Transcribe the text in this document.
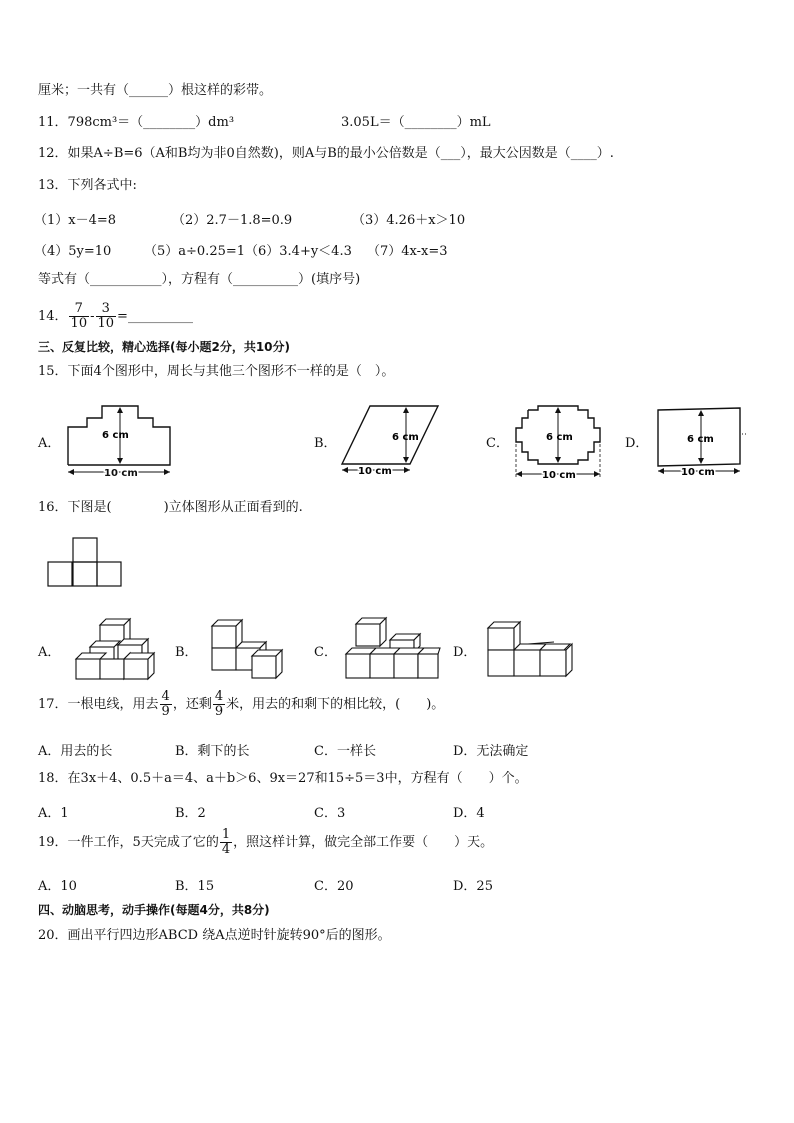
厘米；一共有（______）根这样的彩带。
11．798cm³＝（________）dm³	3.05L＝（________）mL
12．如果A÷B=6（A和B均为非0自然数)，则A与B的最小公倍数是（___），最大公因数是（____）.
13．下列各式中:
（1）x－4=8	（2）2.7－1.8=0.9	（3）4.26＋x＞10
（4）5y=10	（5）a÷0.25=1 （6）3.4+y＜4.3 （7）4x-x=3
等式有（___________），方程有（__________）(填序号)
14． $\frac{7}{10} - \frac{3}{10}$ =__________
三、反复比较，精心选择(每小题2分，共10分)
15．下面4个图形中，周长与其他三个图形不一样的是（　）。
A．	B．	C．	D．
6 cm
10 cm
6 cm
10 cm
6 cm
10 cm
6 cm
10 cm
16．下图是(　　　　)立体图形从正面看到的.
A．	B．	C．	D．
17．一根电线，用去 $\frac{4}{9}$ ，还剩 $\frac{4}{9}$ 米，用去的和剩下的相比较，(　　)。
A．用去的长	B．剩下的长	C．一样长	D．无法确定
18．在3x＋4、0.5＋a＝4、a＋b＞6、9x＝27和15÷5＝3中，方程有（　　）个。
A．1	B．2	C．3	D．4
19．一件工作，5天完成了它的 $\frac{1}{4}$ ，照这样计算，做完全部工作要（　　）天。
A．10	B．15	C．20	D．25
四、动脑思考，动手操作(每题4分，共8分)
20．画出平行四边形ABCD 绕A点逆时针旋转90°后的图形。
